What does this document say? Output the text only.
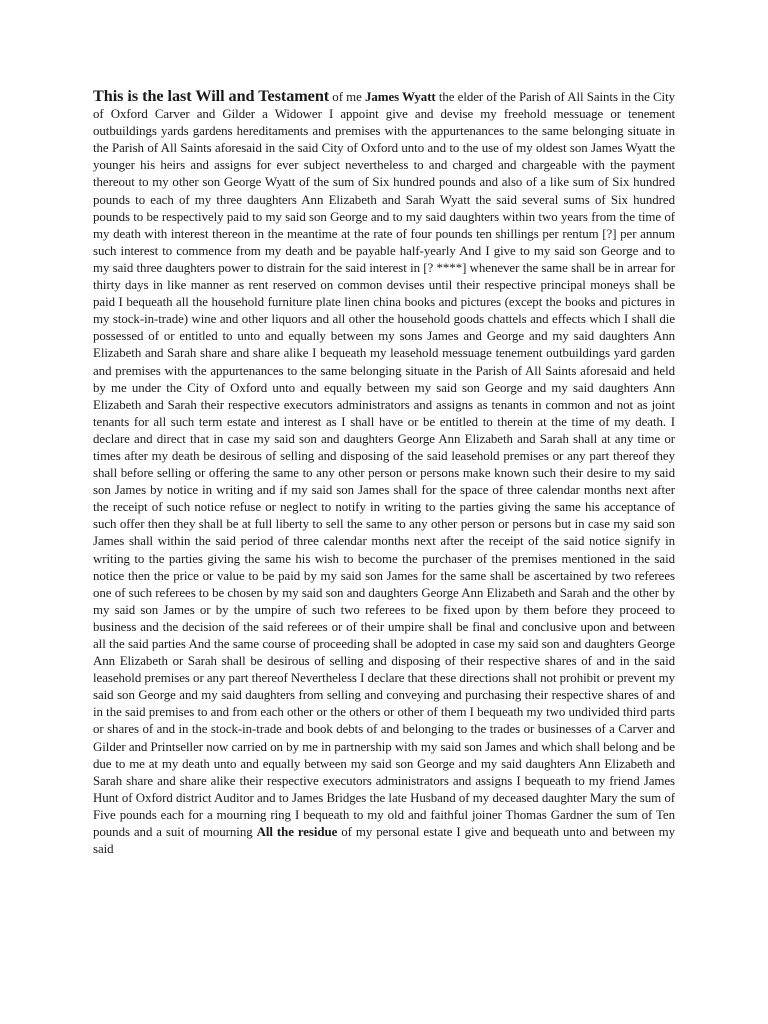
This is the last Will and Testament of me James Wyatt the elder of the Parish of All Saints in the City of Oxford Carver and Gilder a Widower I appoint give and devise my freehold messuage or tenement outbuildings yards gardens hereditaments and premises with the appurtenances to the same belonging situate in the Parish of All Saints aforesaid in the said City of Oxford unto and to the use of my oldest son James Wyatt the younger his heirs and assigns for ever subject nevertheless to and charged and chargeable with the payment thereout to my other son George Wyatt of the sum of Six hundred pounds and also of a like sum of Six hundred pounds to each of my three daughters Ann Elizabeth and Sarah Wyatt the said several sums of Six hundred pounds to be respectively paid to my said son George and to my said daughters within two years from the time of my death with interest thereon in the meantime at the rate of four pounds ten shillings per rentum [?] per annum such interest to commence from my death and be payable half-yearly And I give to my said son George and to my said three daughters power to distrain for the said interest in [? ****] whenever the same shall be in arrear for thirty days in like manner as rent reserved on common devises until their respective principal moneys shall be paid I bequeath all the household furniture plate linen china books and pictures (except the books and pictures in my stock-in-trade) wine and other liquors and all other the household goods chattels and effects which I shall die possessed of or entitled to unto and equally between my sons James and George and my said daughters Ann Elizabeth and Sarah share and share alike I bequeath my leasehold messuage tenement outbuildings yard garden and premises with the appurtenances to the same belonging situate in the Parish of All Saints aforesaid and held by me under the City of Oxford unto and equally between my said son George and my said daughters Ann Elizabeth and Sarah their respective executors administrators and assigns as tenants in common and not as joint tenants for all such term estate and interest as I shall have or be entitled to therein at the time of my death. I declare and direct that in case my said son and daughters George Ann Elizabeth and Sarah shall at any time or times after my death be desirous of selling and disposing of the said leasehold premises or any part thereof they shall before selling or offering the same to any other person or persons make known such their desire to my said son James by notice in writing and if my said son James shall for the space of three calendar months next after the receipt of such notice refuse or neglect to notify in writing to the parties giving the same his acceptance of such offer then they shall be at full liberty to sell the same to any other person or persons but in case my said son James shall within the said period of three calendar months next after the receipt of the said notice signify in writing to the parties giving the same his wish to become the purchaser of the premises mentioned in the said notice then the price or value to be paid by my said son James for the same shall be ascertained by two referees one of such referees to be chosen by my said son and daughters George Ann Elizabeth and Sarah and the other by my said son James or by the umpire of such two referees to be fixed upon by them before they proceed to business and the decision of the said referees or of their umpire shall be final and conclusive upon and between all the said parties And the same course of proceeding shall be adopted in case my said son and daughters George Ann Elizabeth or Sarah shall be desirous of selling and disposing of their respective shares of and in the said leasehold premises or any part thereof Nevertheless I declare that these directions shall not prohibit or prevent my said son George and my said daughters from selling and conveying and purchasing their respective shares of and in the said premises to and from each other or the others or other of them I bequeath my two undivided third parts or shares of and in the stock-in-trade and book debts of and belonging to the trades or businesses of a Carver and Gilder and Printseller now carried on by me in partnership with my said son James and which shall belong and be due to me at my death unto and equally between my said son George and my said daughters Ann Elizabeth and Sarah share and share alike their respective executors administrators and assigns I bequeath to my friend James Hunt of Oxford district Auditor and to James Bridges the late Husband of my deceased daughter Mary the sum of Five pounds each for a mourning ring I bequeath to my old and faithful joiner Thomas Gardner the sum of Ten pounds and a suit of mourning All the residue of my personal estate I give and bequeath unto and between my said
